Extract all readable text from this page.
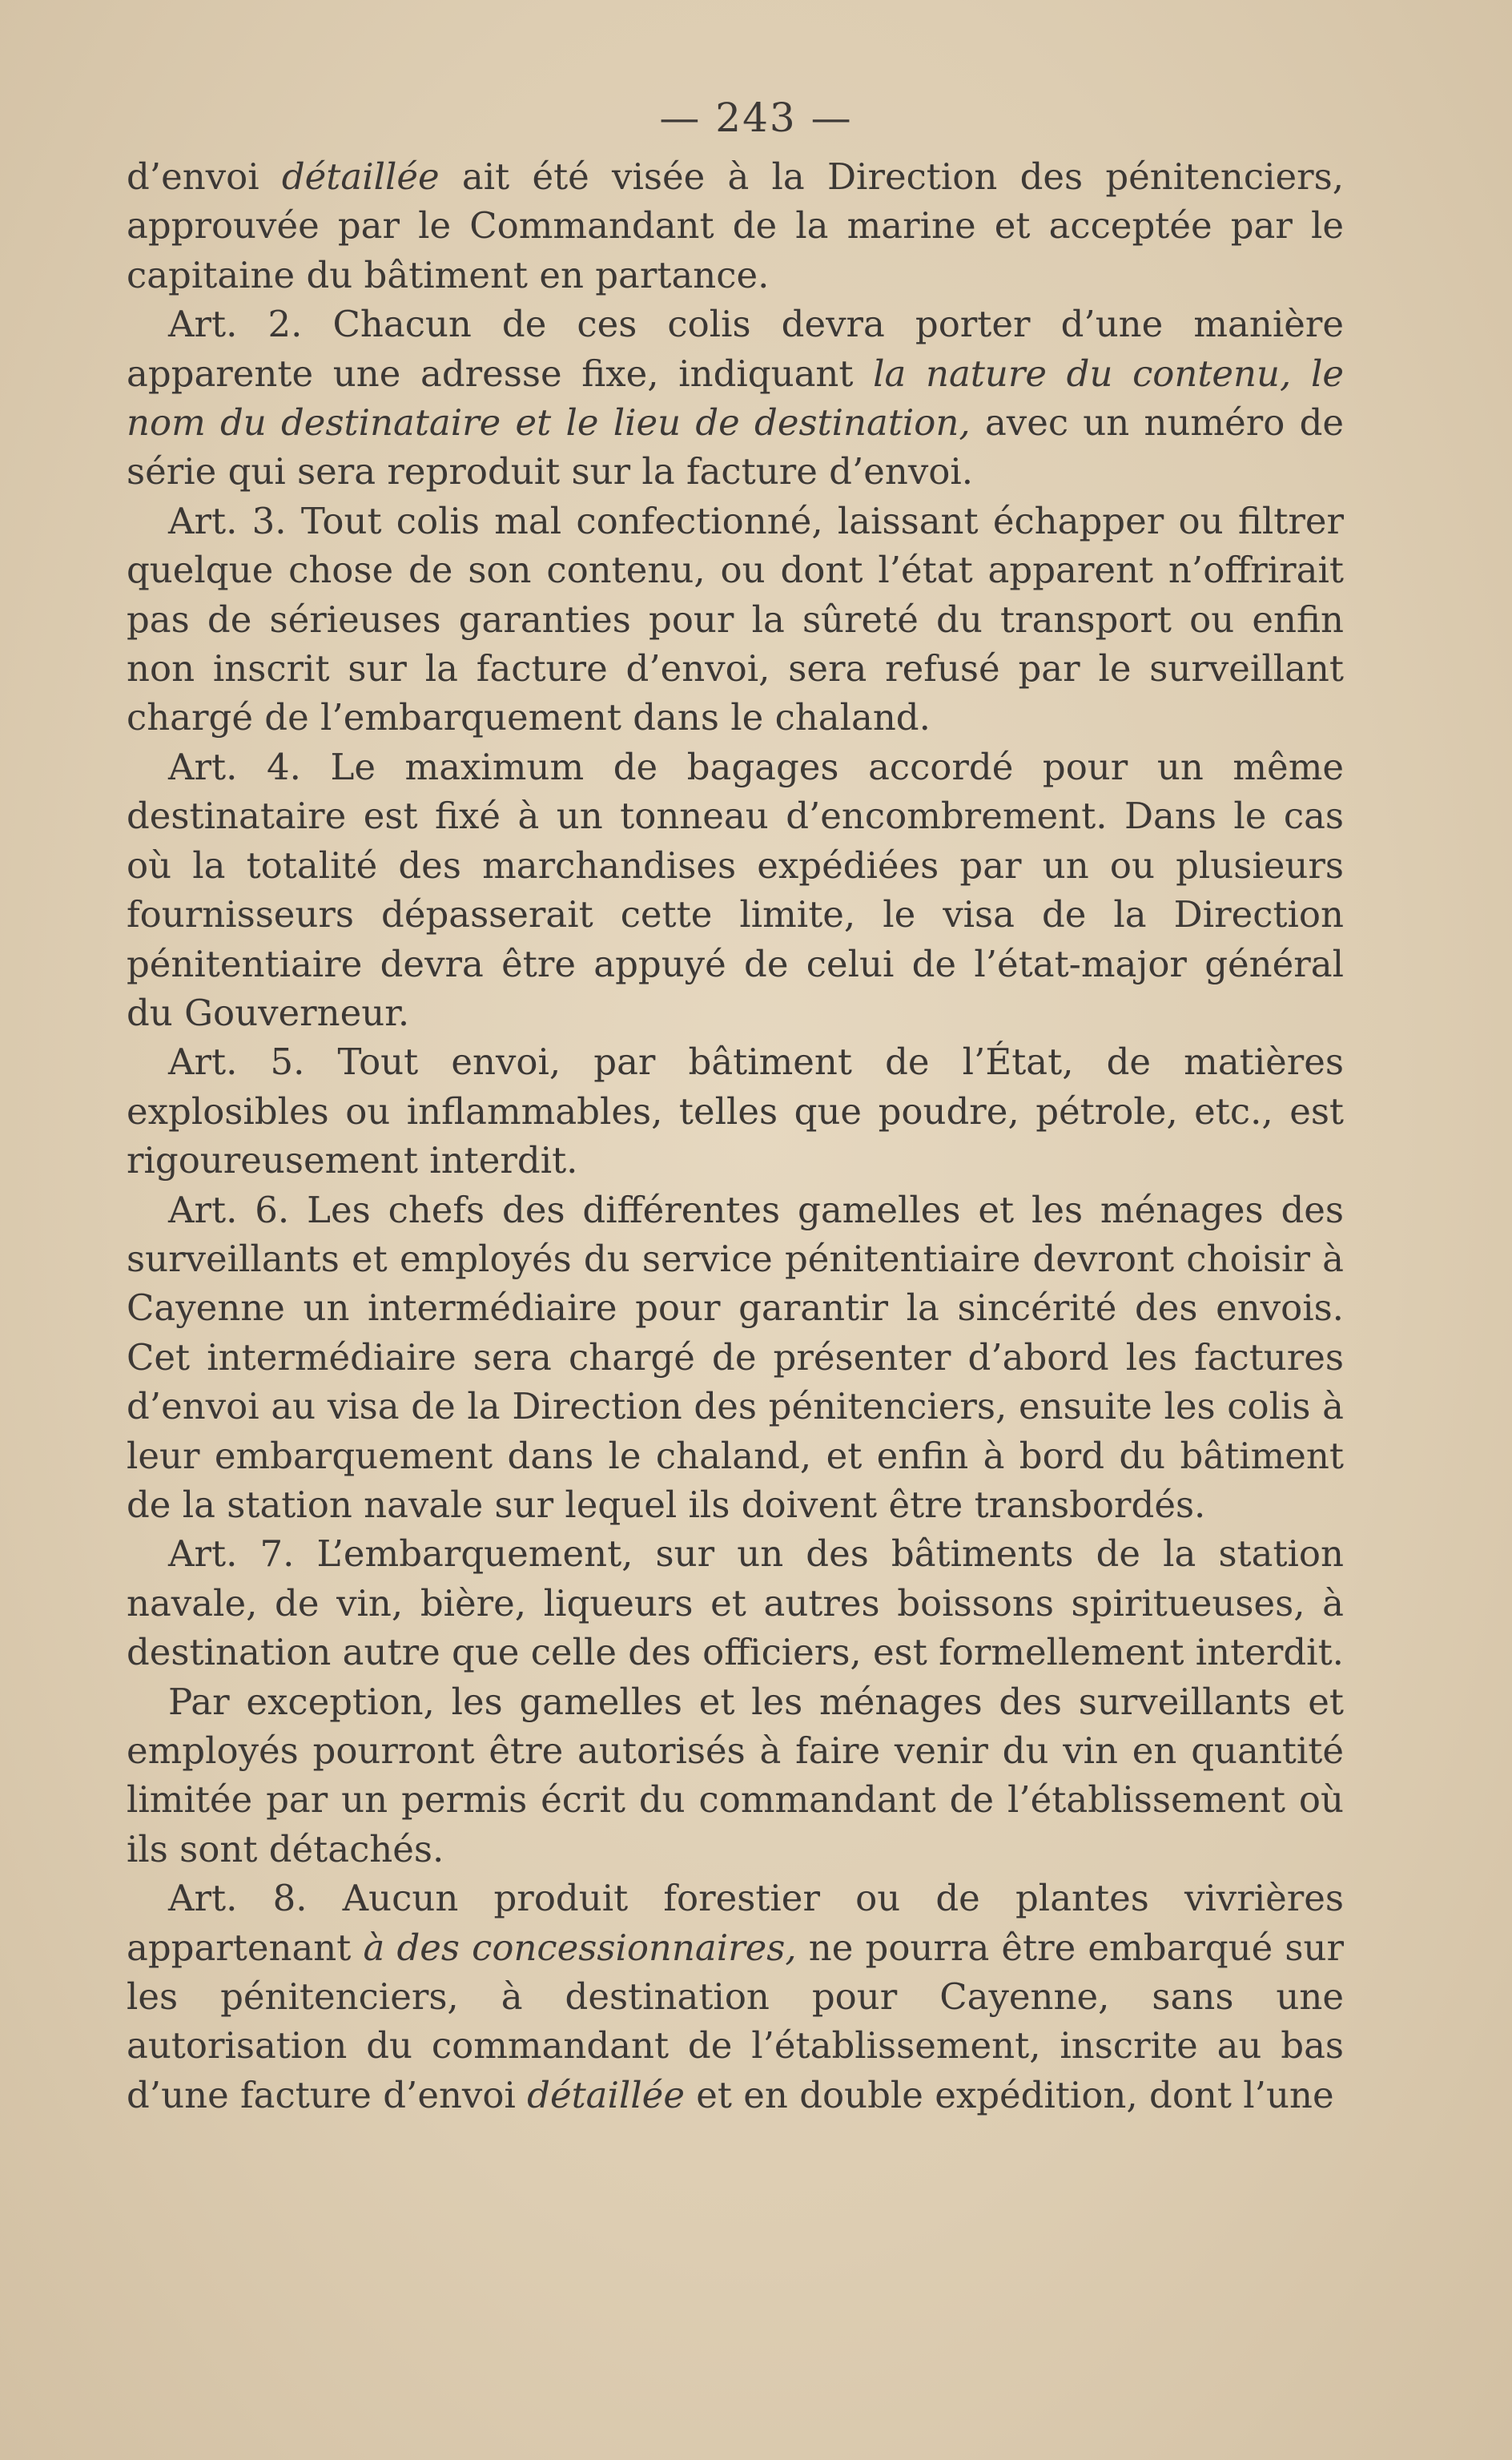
— 243 —

d’envoi détaillée ait été visée à la Direction des pénitenciers, approuvée par le Commandant de la marine et acceptée par le capitaine du bâtiment en partance.

Art. 2. Chacun de ces colis devra porter d’une manière apparente une adresse fixe, indiquant la nature du contenu, le nom du destinataire et le lieu de destination, avec un numéro de série qui sera reproduit sur la facture d’envoi.

Art. 3. Tout colis mal confectionné, laissant échapper ou filtrer quelque chose de son contenu, ou dont l’état apparent n’offrirait pas de sérieuses garanties pour la sûreté du transport ou enfin non inscrit sur la facture d’envoi, sera refusé par le surveillant chargé de l’embarquement dans le chaland.

Art. 4. Le maximum de bagages accordé pour un même destinataire est fixé à un tonneau d’encombrement. Dans le cas où la totalité des marchandises expédiées par un ou plusieurs fournisseurs dépasserait cette limite, le visa de la Direction pénitentiaire devra être appuyé de celui de l’état-major général du Gouverneur.

Art. 5. Tout envoi, par bâtiment de l’État, de matières explosibles ou inflammables, telles que poudre, pétrole, etc., est rigoureusement interdit.

Art. 6. Les chefs des différentes gamelles et les ménages des surveillants et employés du service pénitentiaire devront choisir à Cayenne un intermédiaire pour garantir la sincérité des envois. Cet intermédiaire sera chargé de présenter d’abord les factures d’envoi au visa de la Direction des pénitenciers, ensuite les colis à leur embarquement dans le chaland, et enfin à bord du bâtiment de la station navale sur lequel ils doivent être transbordés.

Art. 7. L’embarquement, sur un des bâtiments de la station navale, de vin, bière, liqueurs et autres boissons spiritueuses, à destination autre que celle des officiers, est formellement interdit.

Par exception, les gamelles et les ménages des surveillants et employés pourront être autorisés à faire venir du vin en quantité limitée par un permis écrit du commandant de l’établissement où ils sont détachés.

Art. 8. Aucun produit forestier ou de plantes vivrières appartenant à des concessionnaires, ne pourra être embarqué sur les pénitenciers, à destination pour Cayenne, sans une autorisation du commandant de l’établissement, inscrite au bas d’une facture d’envoi détaillée et en double expédition, dont l’une
